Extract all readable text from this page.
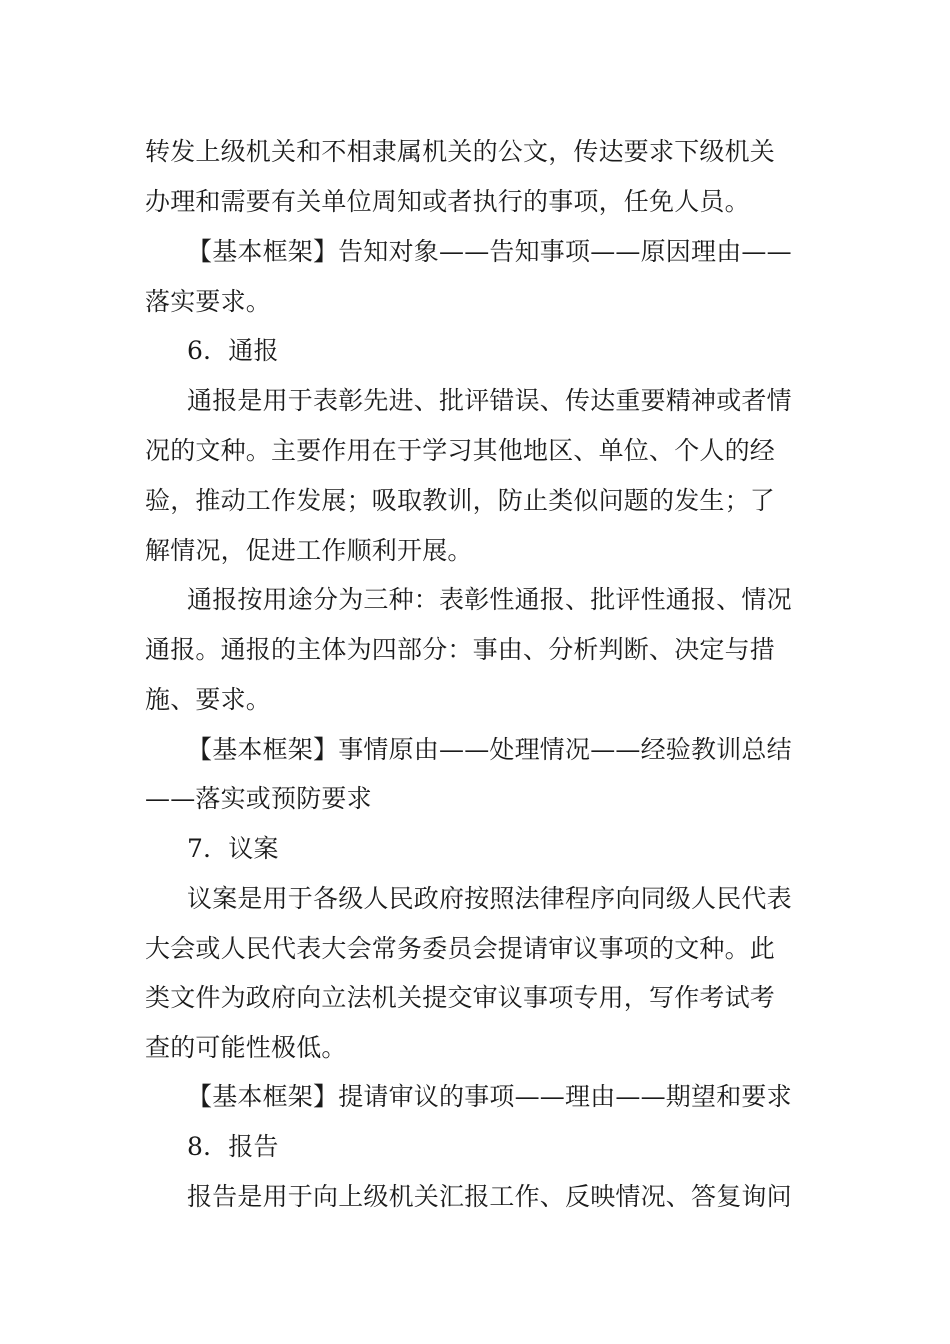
转发上级机关和不相隶属机关的公文，传达要求下级机关
办理和需要有关单位周知或者执行的事项，任免人员。
【基本框架】告知对象——告知事项——原因理由——
落实要求。
6．通报
通报是用于表彰先进、批评错误、传达重要精神或者情
况的文种。主要作用在于学习其他地区、单位、个人的经
验，推动工作发展；吸取教训，防止类似问题的发生；了
解情况，促进工作顺利开展。
通报按用途分为三种：表彰性通报、批评性通报、情况
通报。通报的主体为四部分：事由、分析判断、决定与措
施、要求。
【基本框架】事情原由——处理情况——经验教训总结
——落实或预防要求
7．议案
议案是用于各级人民政府按照法律程序向同级人民代表
大会或人民代表大会常务委员会提请审议事项的文种。此
类文件为政府向立法机关提交审议事项专用，写作考试考
查的可能性极低。
【基本框架】提请审议的事项——理由——期望和要求
8．报告
报告是用于向上级机关汇报工作、反映情况、答复询问
